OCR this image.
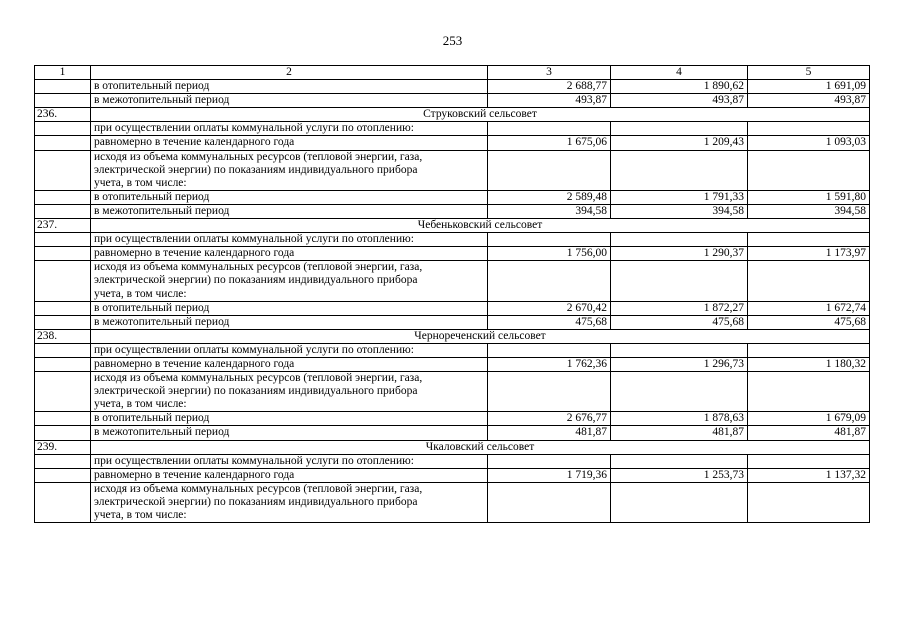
253
1	2	3	4	5
	в отопительный период	2 688,77	1 890,62	1 691,09
	в межотопительный период	493,87	493,87	493,87
236.	Струковский сельсовет			
	при осуществлении оплаты коммунальной услуги по отоплению:			
	равномерно в течение календарного года	1 675,06	1 209,43	1 093,03

	исходя из объема коммунальных ресурсов (тепловой энергии, газа,
электрической энергии) по показаниям индивидуального прибора
учета, в том числе:			

	в отопительный период	2 589,48	1 791,33	1 591,80
	в межотопительный период	394,58	394,58	394,58
237.	Чебеньковский сельсовет			
	при осуществлении оплаты коммунальной услуги по отоплению:			
	равномерно в течение календарного года	1 756,00	1 290,37	1 173,97

	исходя из объема коммунальных ресурсов (тепловой энергии, газа,
электрической энергии) по показаниям индивидуального прибора
учета, в том числе:			

	в отопительный период	2 670,42	1 872,27	1 672,74
	в межотопительный период	475,68	475,68	475,68
238.	Чернореченский сельсовет			
	при осуществлении оплаты коммунальной услуги по отоплению:			
	равномерно в течение календарного года	1 762,36	1 296,73	1 180,32

	исходя из объема коммунальных ресурсов (тепловой энергии, газа,
электрической энергии) по показаниям индивидуального прибора
учета, в том числе:			

	в отопительный период	2 676,77	1 878,63	1 679,09
	в межотопительный период	481,87	481,87	481,87
239.	Чкаловский сельсовет			
	при осуществлении оплаты коммунальной услуги по отоплению:			
	равномерно в течение календарного года	1 719,36	1 253,73	1 137,32

	исходя из объема коммунальных ресурсов (тепловой энергии, газа,
электрической энергии) по показаниям индивидуального прибора
учета, в том числе:			
